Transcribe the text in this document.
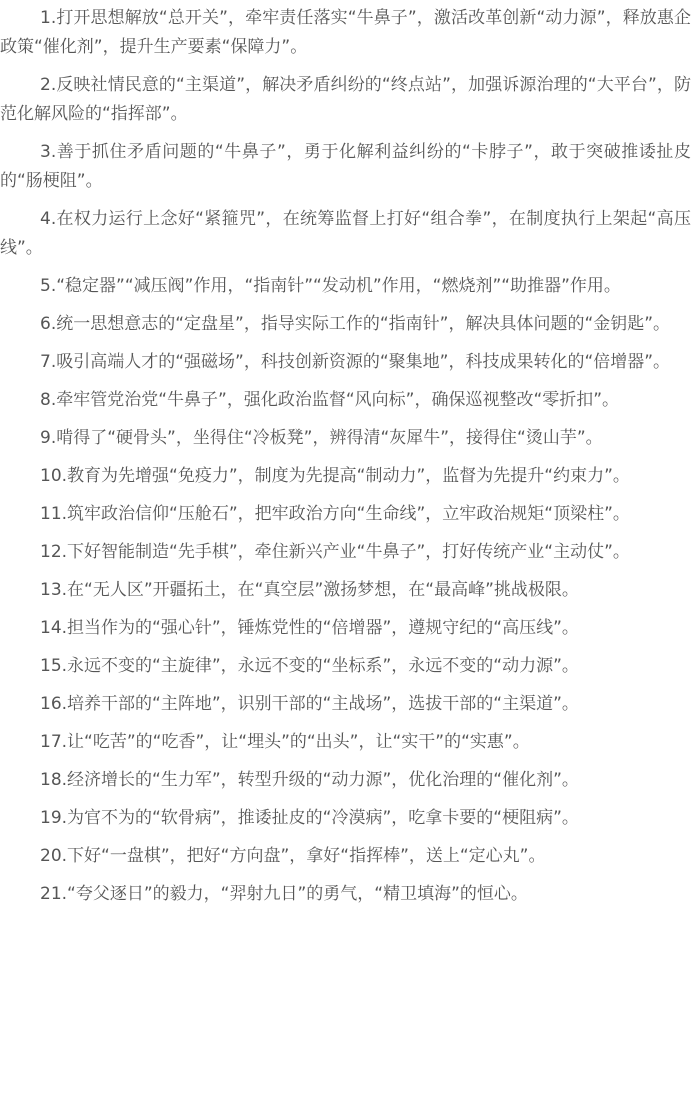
1.打开思想解放“总开关”，牵牢责任落实“牛鼻子”，激活改革创新“动力源”，释放惠企政策“催化剂”，提升生产要素“保障力”。

2.反映社情民意的“主渠道”，解决矛盾纠纷的“终点站”，加强诉源治理的“大平台”，防范化解风险的“指挥部”。

3.善于抓住矛盾问题的“牛鼻子”，勇于化解利益纠纷的“卡脖子”，敢于突破推诿扯皮的“肠梗阻”。

4.在权力运行上念好“紧箍咒”，在统筹监督上打好“组合拳”，在制度执行上架起“高压线”。

5.“稳定器”“减压阀”作用，“指南针”“发动机”作用，“燃烧剂”“助推器”作用。

6.统一思想意志的“定盘星”，指导实际工作的“指南针”，解决具体问题的“金钥匙”。

7.吸引高端人才的“强磁场”，科技创新资源的“聚集地”，科技成果转化的“倍增器”。

8.牵牢管党治党“牛鼻子”，强化政治监督“风向标”，确保巡视整改“零折扣”。

9.啃得了“硬骨头”，坐得住“冷板凳”，辨得清“灰犀牛”，接得住“烫山芋”。

10.教育为先增强“免疫力”，制度为先提高“制动力”，监督为先提升“约束力”。

11.筑牢政治信仰“压舱石”，把牢政治方向“生命线”，立牢政治规矩“顶梁柱”。

12.下好智能制造“先手棋”，牵住新兴产业“牛鼻子”，打好传统产业“主动仗”。

13.在“无人区”开疆拓土，在“真空层”激扬梦想，在“最高峰”挑战极限。

14.担当作为的“强心针”，锤炼党性的“倍增器”，遵规守纪的“高压线”。

15.永远不变的“主旋律”，永远不变的“坐标系”，永远不变的“动力源”。

16.培养干部的“主阵地”，识别干部的“主战场”，选拔干部的“主渠道”。

17.让“吃苦”的“吃香”，让“埋头”的“出头”，让“实干”的“实惠”。

18.经济增长的“生力军”，转型升级的“动力源”，优化治理的“催化剂”。

19.为官不为的“软骨病”，推诿扯皮的“冷漠病”，吃拿卡要的“梗阻病”。

20.下好“一盘棋”，把好“方向盘”，拿好“指挥棒”，送上“定心丸”。

21.“夸父逐日”的毅力，“羿射九日”的勇气，“精卫填海”的恒心。
